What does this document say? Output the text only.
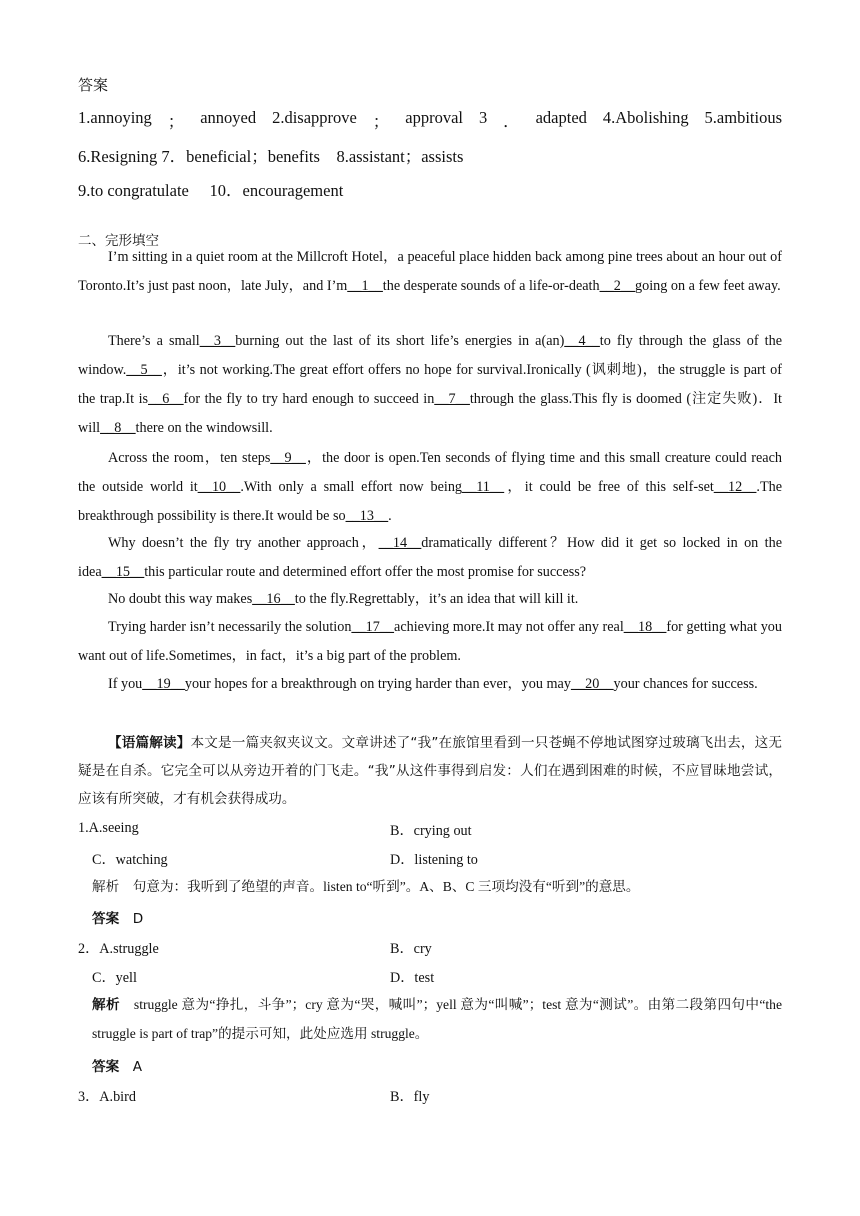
答案
1.annoying ； annoyed 2.disapprove ； approval 3 ． adapted 4.Abolishing 5.ambitious
6.Resigning 7．beneficial；benefits　8.assistant；assists
9.to congratulate　 10．encouragement
二、完形填空
I’m sitting in a quiet room at the Millcroft Hotel，a peaceful place hidden back among pine trees about an hour out of Toronto.It’s just past noon，late July，and I’m__1__the desperate sounds of a life-or-death__2__going on a few feet away.
There’s a small__3__burning out the last of its short life’s energies in a(an)__4__to fly through the glass of the window.__5__，it’s not working.The great effort offers no hope for survival.Ironically (讽刺地)，the struggle is part of the trap.It is__6__for the fly to try hard enough to succeed in__7__through the glass.This fly is doomed (注定失败)．It will__8__there on the windowsill.
Across the room，ten steps__9__，the door is open.Ten seconds of flying time and this small creature could reach the outside world it__10__.With only a small effort now being__11__，it could be free of this self-set__12__.The breakthrough possibility is there.It would be so__13__.
Why doesn’t the fly try another approach，__14__dramatically different？How did it get so locked in on the idea__15__this particular route and determined effort offer the most promise for success?
No doubt this way makes__16__to the fly.Regrettably，it’s an idea that will kill it.
Trying harder isn’t necessarily the solution__17__achieving more.It may not offer any real__18__for getting what you want out of life.Sometimes，in fact，it’s a big part of the problem.
If you__19__your hopes for a breakthrough on trying harder than ever，you may__20__your chances for success.
【语篇解读】本文是一篇夹叙夹议文。文章讲述了“我”在旅馆里看到一只苍蝇不停地试图穿过玻璃飞出去，这无疑是在自杀。它完全可以从旁边开着的门飞走。“我”从这件事得到启发：人们在遇到困难的时候，不应冒昧地尝试，应该有所突破，才有机会获得成功。
1.A.seeing	B．crying out
C．watching	D．listening to
解析　句意为：我听到了绝望的声音。listen to“听到”。A、B、C 三项均没有“听到”的意思。
答案　D
2．A.struggle	B．cry
C．yell	D．test
解析　struggle 意为“挣扎，斗争”；cry 意为“哭，喊叫”；yell 意为“叫喊”；test 意为“测试”。由第二段第四句中“the struggle is part of trap”的提示可知，此处应选用 struggle。
答案　A
3．A.bird	B．fly
